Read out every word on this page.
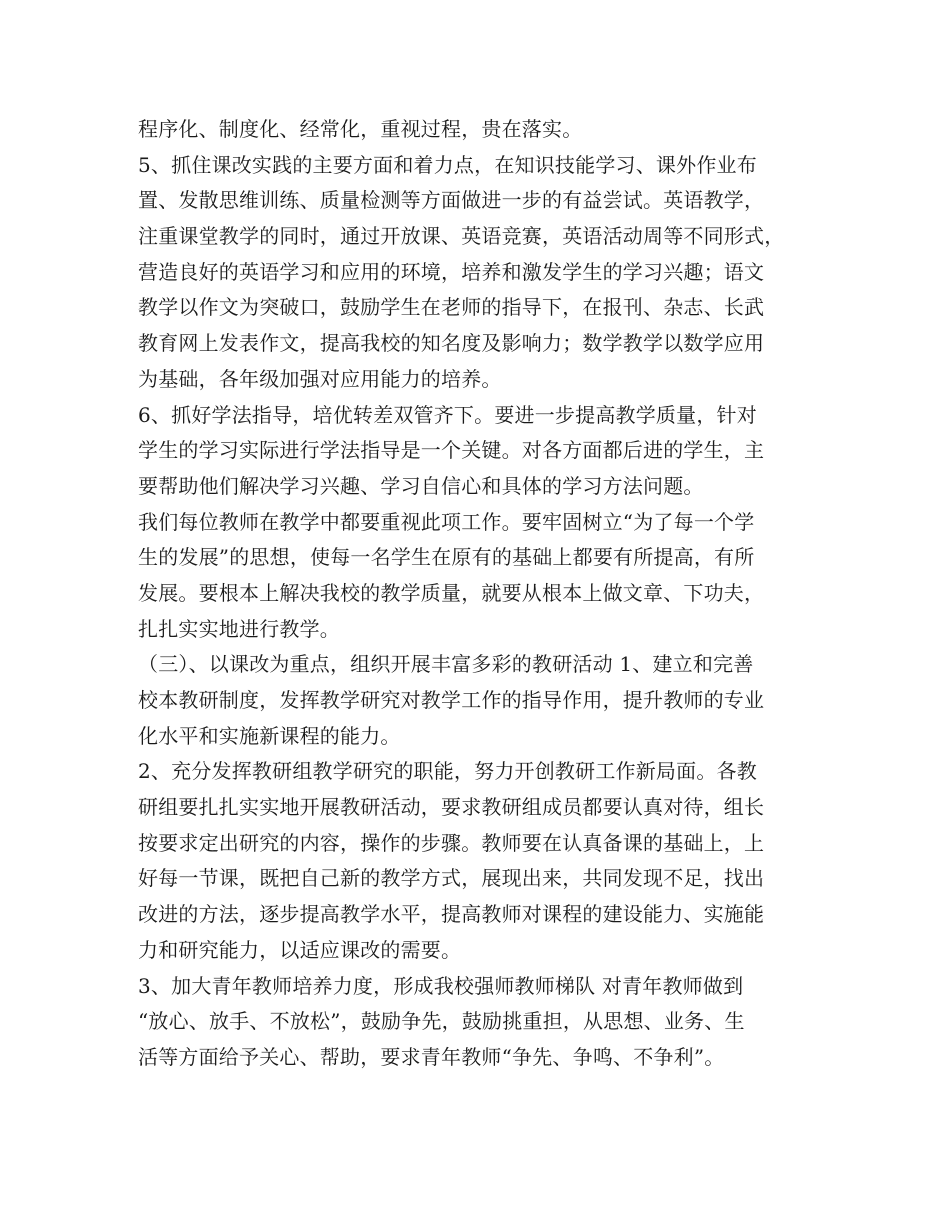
程序化、制度化、经常化，重视过程，贵在落实。
5、抓住课改实践的主要方面和着力点，在知识技能学习、课外作业布
置、发散思维训练、质量检测等方面做进一步的有益尝试。英语教学，
注重课堂教学的同时，通过开放课、英语竞赛，英语活动周等不同形式，
营造良好的英语学习和应用的环境，培养和激发学生的学习兴趣；语文
教学以作文为突破口，鼓励学生在老师的指导下，在报刊、杂志、长武
教育网上发表作文，提高我校的知名度及影响力；数学教学以数学应用
为基础，各年级加强对应用能力的培养。
6、抓好学法指导，培优转差双管齐下。要进一步提高教学质量，针对
学生的学习实际进行学法指导是一个关键。对各方面都后进的学生，主
要帮助他们解决学习兴趣、学习自信心和具体的学习方法问题。
我们每位教师在教学中都要重视此项工作。要牢固树立“为了每一个学
生的发展”的思想，使每一名学生在原有的基础上都要有所提高，有所
发展。要根本上解决我校的教学质量，就要从根本上做文章、下功夫，
扎扎实实地进行教学。
（三）、以课改为重点，组织开展丰富多彩的教研活动 1、建立和完善
校本教研制度，发挥教学研究对教学工作的指导作用，提升教师的专业
化水平和实施新课程的能力。
2、充分发挥教研组教学研究的职能，努力开创教研工作新局面。各教
研组要扎扎实实地开展教研活动，要求教研组成员都要认真对待，组长
按要求定出研究的内容，操作的步骤。教师要在认真备课的基础上，上
好每一节课，既把自己新的教学方式，展现出来，共同发现不足，找出
改进的方法，逐步提高教学水平，提高教师对课程的建设能力、实施能
力和研究能力，以适应课改的需要。
3、加大青年教师培养力度，形成我校强师教师梯队 对青年教师做到
“放心、放手、不放松”，鼓励争先，鼓励挑重担，从思想、业务、生
活等方面给予关心、帮助，要求青年教师“争先、争鸣、不争利”。
